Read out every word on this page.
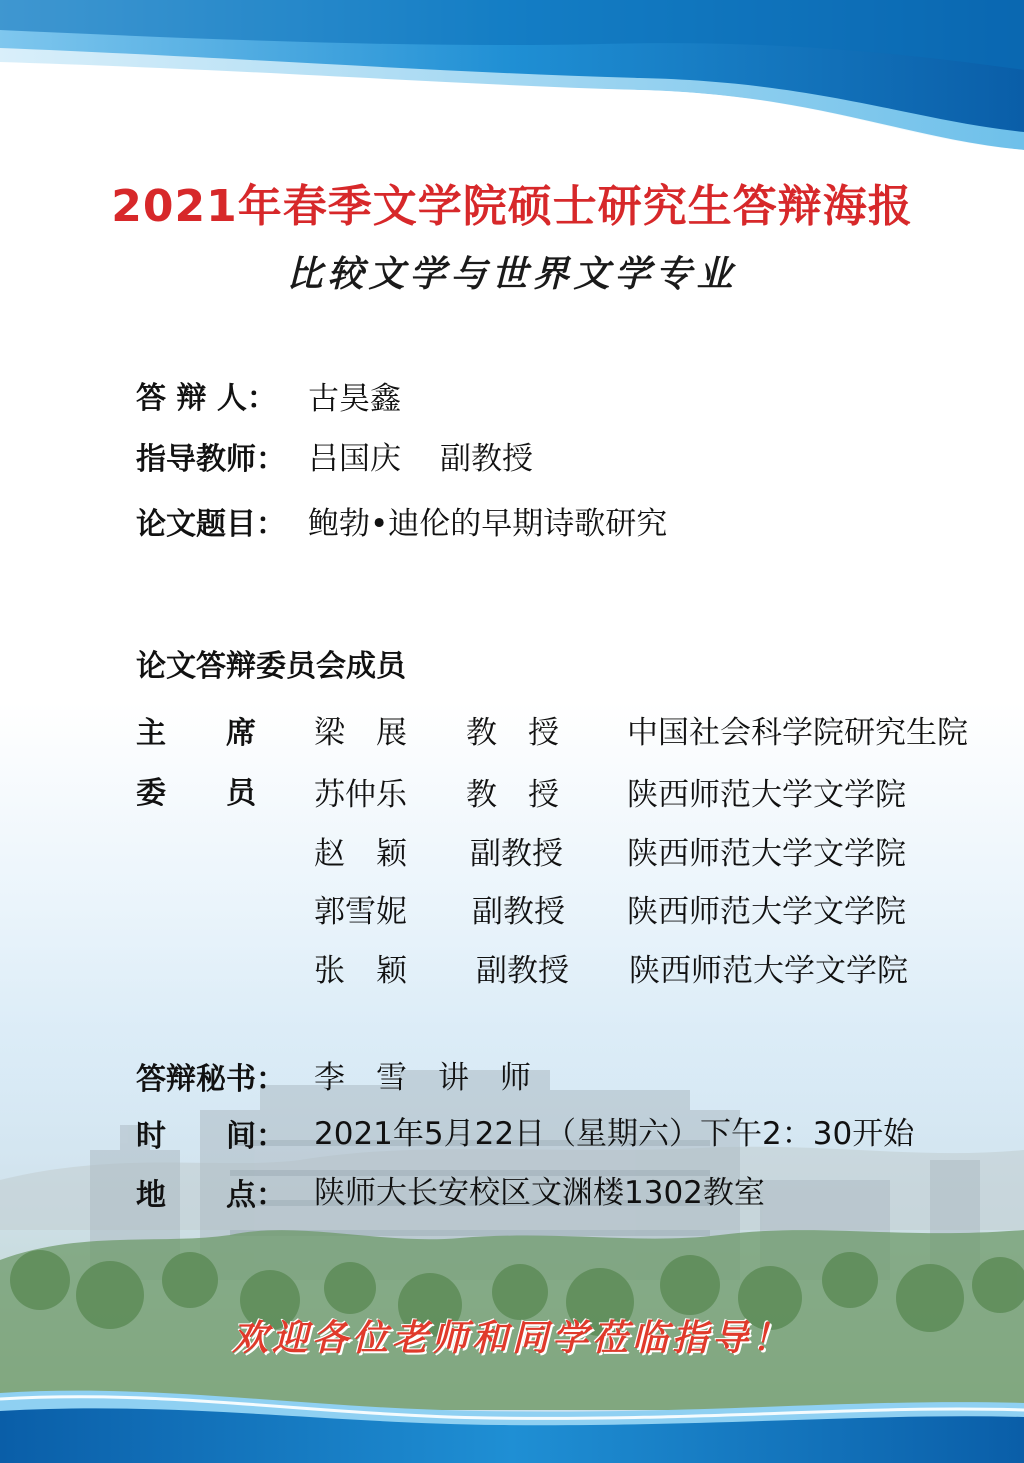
2021年春季文学院硕士研究生答辩海报
比较文学与世界文学专业
答 辩 人： 古昊鑫
指导教师： 吕国庆 副教授
论文题目： 鲍勃•迪伦的早期诗歌研究
论文答辩委员会成员
主　　席
委　　员
梁　展 教　授 中国社会科学院研究生院
苏仲乐 教　授 陕西师范大学文学院
赵　颖 副教授 陕西师范大学文学院
郭雪妮 副教授 陕西师范大学文学院
张　颖 副教授 陕西师范大学文学院
答辩秘书： 李　雪　讲　师
时　　间： 2021年5月22日（星期六）下午2：30开始
地　　点： 陕师大长安校区文渊楼1302教室
欢迎各位老师和同学莅临指导！
